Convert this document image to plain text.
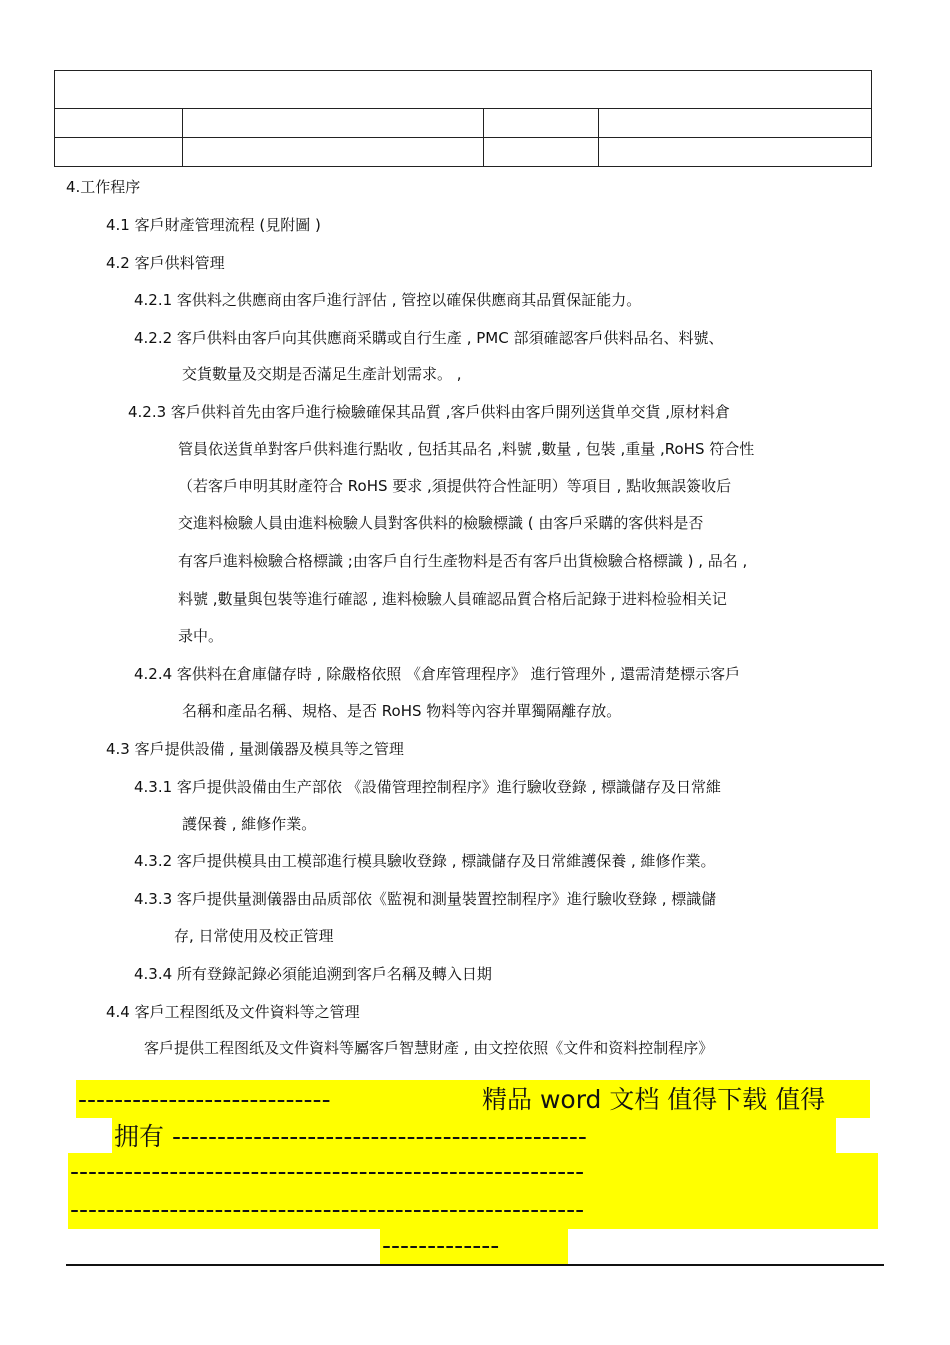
4.工作程序
4.1 客戶財產管理流程 (見附圖 )
4.2 客戶供料管理
4.2.1 客供料之供應商由客戶進行評估 , 管控以確保供應商其品質保証能力。
4.2.2 客戶供料由客戶向其供應商采購或自行生產 , PMC 部須確認客戶供料品名、料號、
交貨數量及交期是否滿足生產計划需求。 ,
4.2.3 客戶供料首先由客戶進行檢驗確保其品質 ,客戶供料由客戶開列送貨单交貨 ,原材料倉
管員依送貨单對客戶供料進行點收 , 包括其品名 ,料號 ,數量 , 包裝 ,重量 ,RoHS 符合性
（若客戶申明其財產符合 RoHS 要求 ,須提供符合性証明）等項目 , 點收無誤簽收后
交進料檢驗人員由進料檢驗人員對客供料的檢驗標識 ( 由客戶采購的客供料是否
有客戶進料檢驗合格標識 ;由客戶自行生產物料是否有客戶出貨檢驗合格標識 ) , 品名 ,
料號 ,數量與包裝等進行確認 , 進料檢驗人員確認品質合格后記錄于进料检验相关记
录中。
4.2.4 客供料在倉庫儲存時 , 除嚴格依照 《倉库管理程序》 進行管理外 , 還需清楚標示客戶
名稱和產品名稱、規格、是否 RoHS 物料等內容并單獨隔離存放。
4.3 客戶提供設備 , 量測儀器及模具等之管理
4.3.1 客戶提供設備由生产部依 《設備管理控制程序》進行驗收登錄 , 標識儲存及日常維
護保養 , 維修作業。
4.3.2 客戶提供模具由工模部進行模具驗收登錄 , 標識儲存及日常維護保養 , 維修作業。
4.3.3 客戶提供量測儀器由品质部依《監視和測量裝置控制程序》進行驗收登錄 , 標識儲
存, 日常使用及校正管理
4.3.4 所有登錄記錄必須能追溯到客戶名稱及轉入日期
4.4 客戶工程图纸及文件資料等之管理
客戶提供工程图纸及文件資料等屬客戶智慧財產 , 由文控依照《文件和资料控制程序》
----------------------------	精品 word 文档 值得下载 值得
拥有 ----------------------------------------------
---------------------------------------------------------
---------------------------------------------------------
-------------
